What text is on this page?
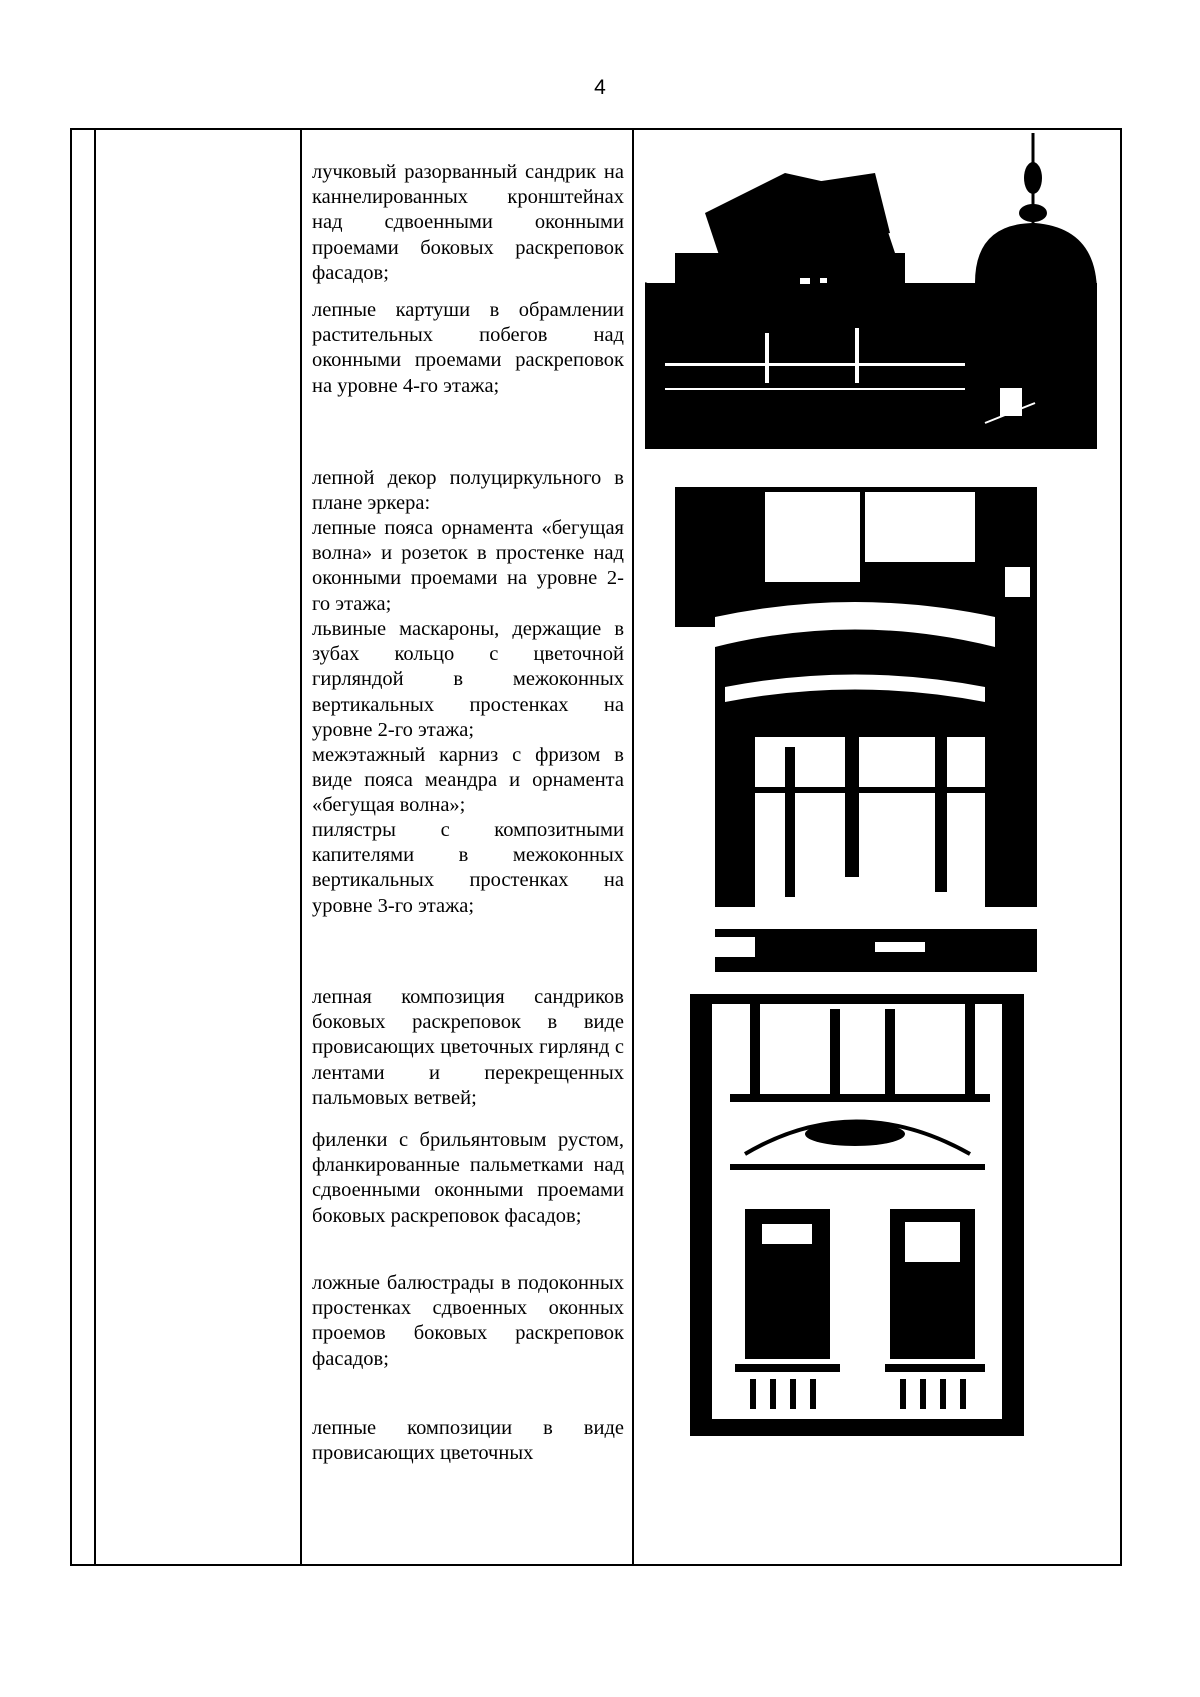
4

лучковый разорванный сандрик на каннелированных кронштейнах над сдвоенными оконными проемами боковых раскреповок фасадов;

лепные картуши в обрамлении растительных побегов над оконными проемами раскреповок на уровне 4-го этажа;

лепной декор полуциркульного в плане эркера:

лепные пояса орнамента «бегущая волна» и розеток в простенке над оконными проемами на уровне 2-го этажа;

львиные маскароны, держащие в зубах кольцо с цветочной гирляндой в межоконных вертикальных простенках на уровне 2-го этажа;

межэтажный карниз с фризом в виде пояса меандра и орнамента «бегущая волна»;

пилястры с композитными капителями в межоконных вертикальных простенках на уровне 3-го этажа;

лепная композиция сандриков боковых раскреповок в виде провисающих цветочных гирлянд с лентами и перекрещенных пальмовых ветвей;

филенки с брильянтовым рустом, фланкированные пальметками над сдвоенными оконными проемами боковых раскреповок фасадов;

ложные балюстрады в подоконных простенках сдвоенных оконных проемов боковых раскреповок фасадов;

лепные композиции в виде провисающих цветочных
